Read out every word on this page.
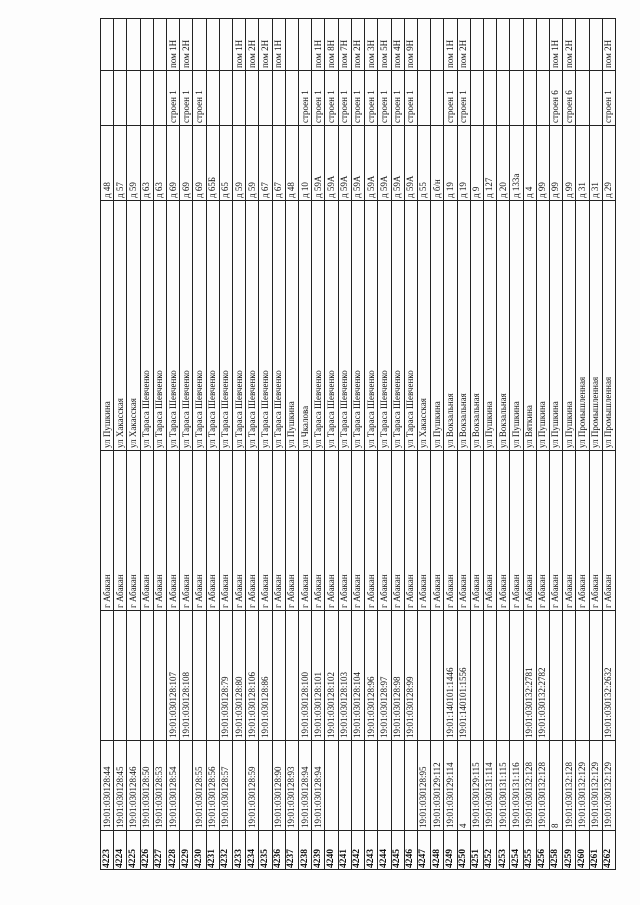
4223
19:01:030128:44
г Абакан
ул Пушкина
д 48
4224
19:01:030128:45
г Абакан
ул Хакасская
д 57
4225
19:01:030128:46
г Абакан
ул Хакасская
д 59
4226
19:01:030128:50
г Абакан
ул Тараса Шевченко
д 63
4227
19:01:030128:53
г Абакан
ул Тараса Шевченко
д 63
4228
19:01:030128:54
19:01:030128:107
г Абакан
ул Тараса Шевченко
д 69
строен 1
пом 1Н
4229
19:01:030128:108
г Абакан
ул Тараса Шевченко
д 69
строен 1
пом 2Н
4230
19:01:030128:55
г Абакан
ул Тараса Шевченко
д 69
строен 1
4231
19:01:030128:56
г Абакан
ул Тараса Шевченко
д 65Б
4232
19:01:030128:57
19:01:030128:79
г Абакан
ул Тараса Шевченко
д 65
4233
19:01:030128:80
г Абакан
ул Тараса Шевченко
д 59
пом 1Н
4234
19:01:030128:59
19:01:030128:106
г Абакан
ул Тараса Шевченко
д 59
пом 2Н
4235
19:01:030128:86
г Абакан
ул Тараса Шевченко
д 67
пом 2Н
4236
19:01:030128:90
г Абакан
ул Тараса Шевченко
д 67
пом 1Н
4237
19:01:030128:93
г Абакан
ул Пушкина
д 48
4238
19:01:030128:94
19:01:030128:100
г Абакан
ул Чкалова
д 10
строен 1
4239
19:01:030128:94
19:01:030128:101
г Абакан
ул Тараса Шевченко
д 59А
строен 1
пом 1Н
4240
19:01:030128:102
г Абакан
ул Тараса Шевченко
д 59А
строен 1
пом 8Н
4241
19:01:030128:103
г Абакан
ул Тараса Шевченко
д 59А
строен 1
пом 7Н
4242
19:01:030128:104
г Абакан
ул Тараса Шевченко
д 59А
строен 1
пом 2Н
4243
19:01:030128:96
г Абакан
ул Тараса Шевченко
д 59А
строен 1
пом 3Н
4244
19:01:030128:97
г Абакан
ул Тараса Шевченко
д 59А
строен 1
пом 5Н
4245
19:01:030128:98
г Абакан
ул Тараса Шевченко
д 59А
строен 1
пом 4Н
4246
19:01:030128:99
г Абакан
ул Тараса Шевченко
д 59А
строен 1
пом 9Н
4247
19:01:030128:95
г Абакан
ул Хакасская
д 55
4248
19:01:030129:112
г Абакан
ул Пушкина
д б/н
4249
19:01:030129:114
19:01:140101:1446
г Абакан
ул Вокзальная
д 19
строен 1
пом 1Н
4250
4
19:01:140101:1556
г Абакан
ул Вокзальная
д 19
строен 1
пом 2Н
4251
19:01:030129:115
г Абакан
ул Вокзальная
д 9
4252
19:01:030131:114
г Абакан
ул Пушкина
д 127
4253
19:01:030131:115
г Абакан
ул Вокзальная
д 20
4254
19:01:030131:116
г Абакан
ул Пушкина
д 133а
4255
19:01:030132:128
19:01:030132:2781
г Абакан
ул Вяткина
д 4
4256
19:01:030132:128
19:01:030132:2782
г Абакан
ул Пушкина
д 99
4258
8
г Абакан
ул Пушкина
д 99
строен 6
пом 1Н
4259
19:01:030132:128
г Абакан
ул Пушкина
д 99
строен 6
пом 2Н
4260
19:01:030132:129
г Абакан
ул Промышленная
д 31
4261
19:01:030132:129
г Абакан
ул Промышленная
д 31
4262
19:01:030132:129
19:01:030132:2632
г Абакан
ул Промышленная
д 29
строен 1
пом 2Н
